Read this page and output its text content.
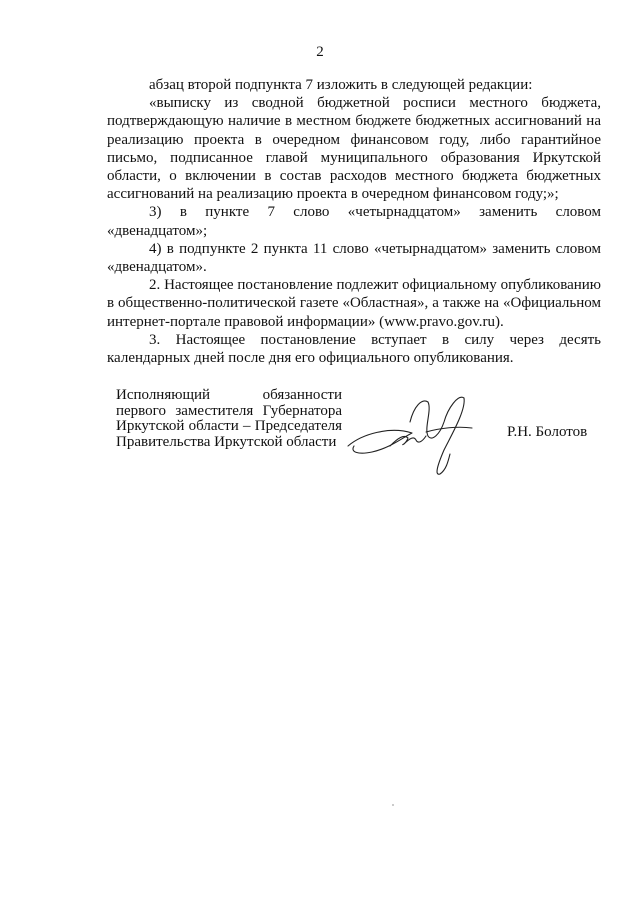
2

абзац второй подпункта 7 изложить в следующей редакции:

«выписку из сводной бюджетной росписи местного бюджета, подтверждающую наличие в местном бюджете бюджетных ассигнований на реализацию проекта в очередном финансовом году, либо гарантийное письмо, подписанное главой муниципального образования Иркутской области, о включении в состав расходов местного бюджета бюджетных ассигнований на реализацию проекта в очередном финансовом году;»;

3) в пункте 7 слово «четырнадцатом» заменить словом «двенадцатом»;

4) в подпункте 2 пункта 11 слово «четырнадцатом» заменить словом «двенадцатом».

2. Настоящее постановление подлежит официальному опубликованию в общественно-политической газете «Областная», а также на «Официальном интернет-портале правовой информации» (www.pravo.gov.ru).

3. Настоящее постановление вступает в силу через десять календарных дней после дня его официального опубликования.

Исполняющий обязанности первого заместителя Губернатора Иркутской области – Председателя Правительства Иркутской области
Р.Н. Болотов
